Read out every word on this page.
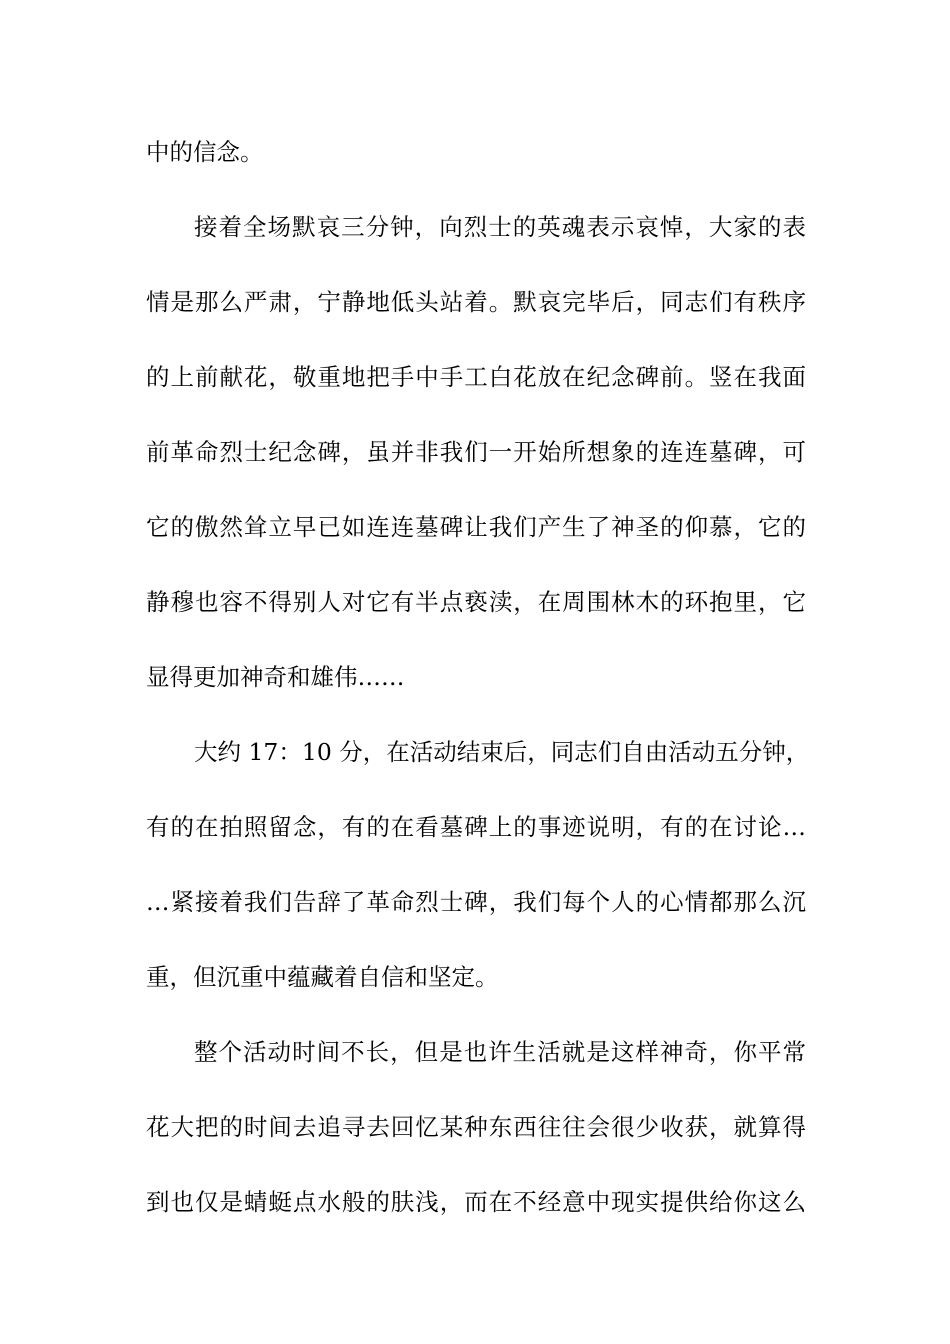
中的信念。
接着全场默哀三分钟，向烈士的英魂表示哀悼，大家的表
情是那么严肃，宁静地低头站着。默哀完毕后，同志们有秩序
的上前献花，敬重地把手中手工白花放在纪念碑前。竖在我面
前革命烈士纪念碑，虽并非我们一开始所想象的连连墓碑，可
它的傲然耸立早已如连连墓碑让我们产生了神圣的仰慕，它的
静穆也容不得别人对它有半点亵渎，在周围林木的环抱里，它
显得更加神奇和雄伟……
大约 17：10 分，在活动结束后，同志们自由活动五分钟，
有的在拍照留念，有的在看墓碑上的事迹说明，有的在讨论…
…紧接着我们告辞了革命烈士碑，我们每个人的心情都那么沉
重，但沉重中蕴藏着自信和坚定。
整个活动时间不长，但是也许生活就是这样神奇，你平常
花大把的时间去追寻去回忆某种东西往往会很少收获，就算得
到也仅是蜻蜓点水般的肤浅，而在不经意中现实提供给你这么
